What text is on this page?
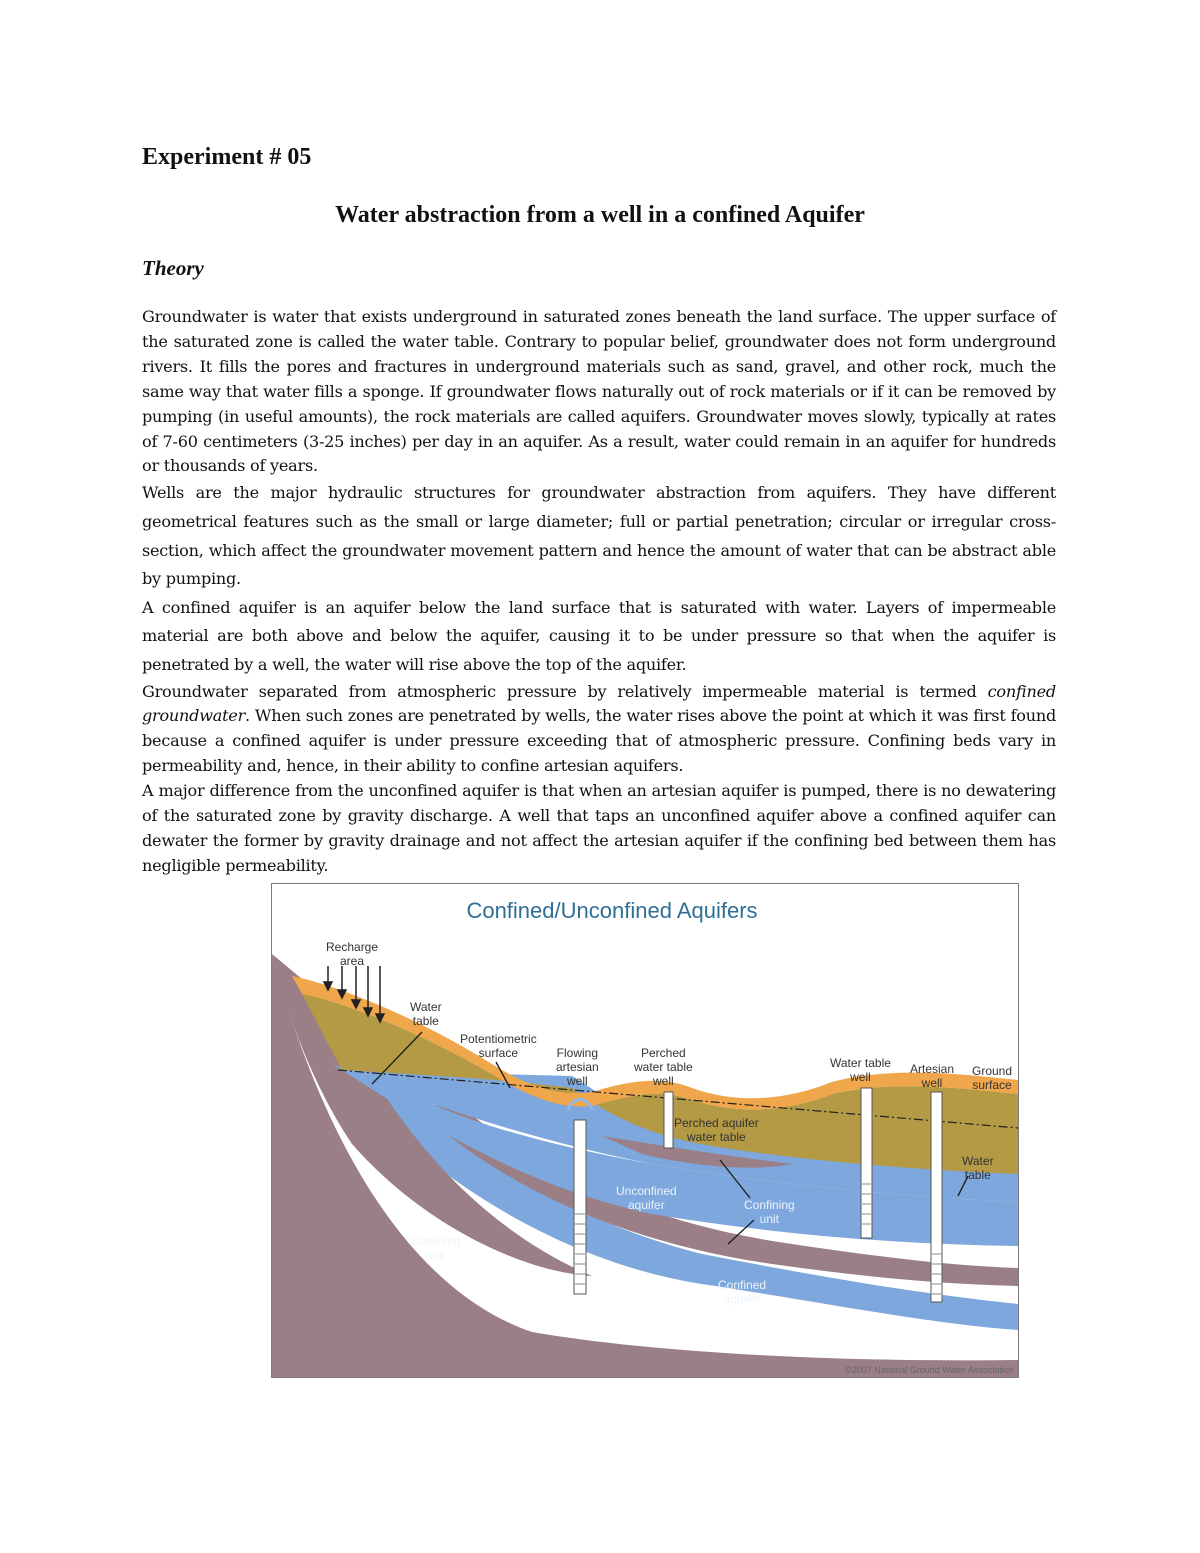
Experiment # 05
Water abstraction from a well in a confined Aquifer
Theory

Groundwater is water that exists underground in saturated zones beneath the land surface. The upper surface of the saturated zone is called the water table. Contrary to popular belief, groundwater does not form underground rivers. It fills the pores and fractures in underground materials such as sand, gravel, and other rock, much the same way that water fills a sponge. If groundwater flows naturally out of rock materials or if it can be removed by pumping (in useful amounts), the rock materials are called aquifers. Groundwater moves slowly, typically at rates of 7-60 centimeters (3-25 inches) per day in an aquifer. As a result, water could remain in an aquifer for hundreds or thousands of years.

Wells are the major hydraulic structures for groundwater abstraction from aquifers. They have different geometrical features such as the small or large diameter; full or partial penetration; circular or irregular cross-section, which affect the groundwater movement pattern and hence the amount of water that can be abstract able by pumping.

A confined aquifer is an aquifer below the land surface that is saturated with water. Layers of impermeable material are both above and below the aquifer, causing it to be under pressure so that when the aquifer is penetrated by a well, the water will rise above the top of the aquifer.

Groundwater separated from atmospheric pressure by relatively impermeable material is termed confined groundwater. When such zones are penetrated by wells, the water rises above the point at which it was first found because a confined aquifer is under pressure exceeding that of atmospheric pressure. Confining beds vary in permeability and, hence, in their ability to confine artesian aquifers.

A major difference from the unconfined aquifer is that when an artesian aquifer is pumped, there is no dewatering of the saturated zone by gravity discharge. A well that taps an unconfined aquifer above a confined aquifer can dewater the former by gravity drainage and not affect the artesian aquifer if the confining bed between them has negligible permeability.

Confined/Unconfined Aquifers
Recharge
area
Water
table
Potentiometric
surface	Flowing
artesian
well
Perched
water table
well
Water table
well
Artesian
well
Ground
surface
Perched aquifer
water table
Water
table
Unconfined
aquifer	Confining
unit
Confining
unit
Confined
aquifer
©2007 National Ground Water Association
